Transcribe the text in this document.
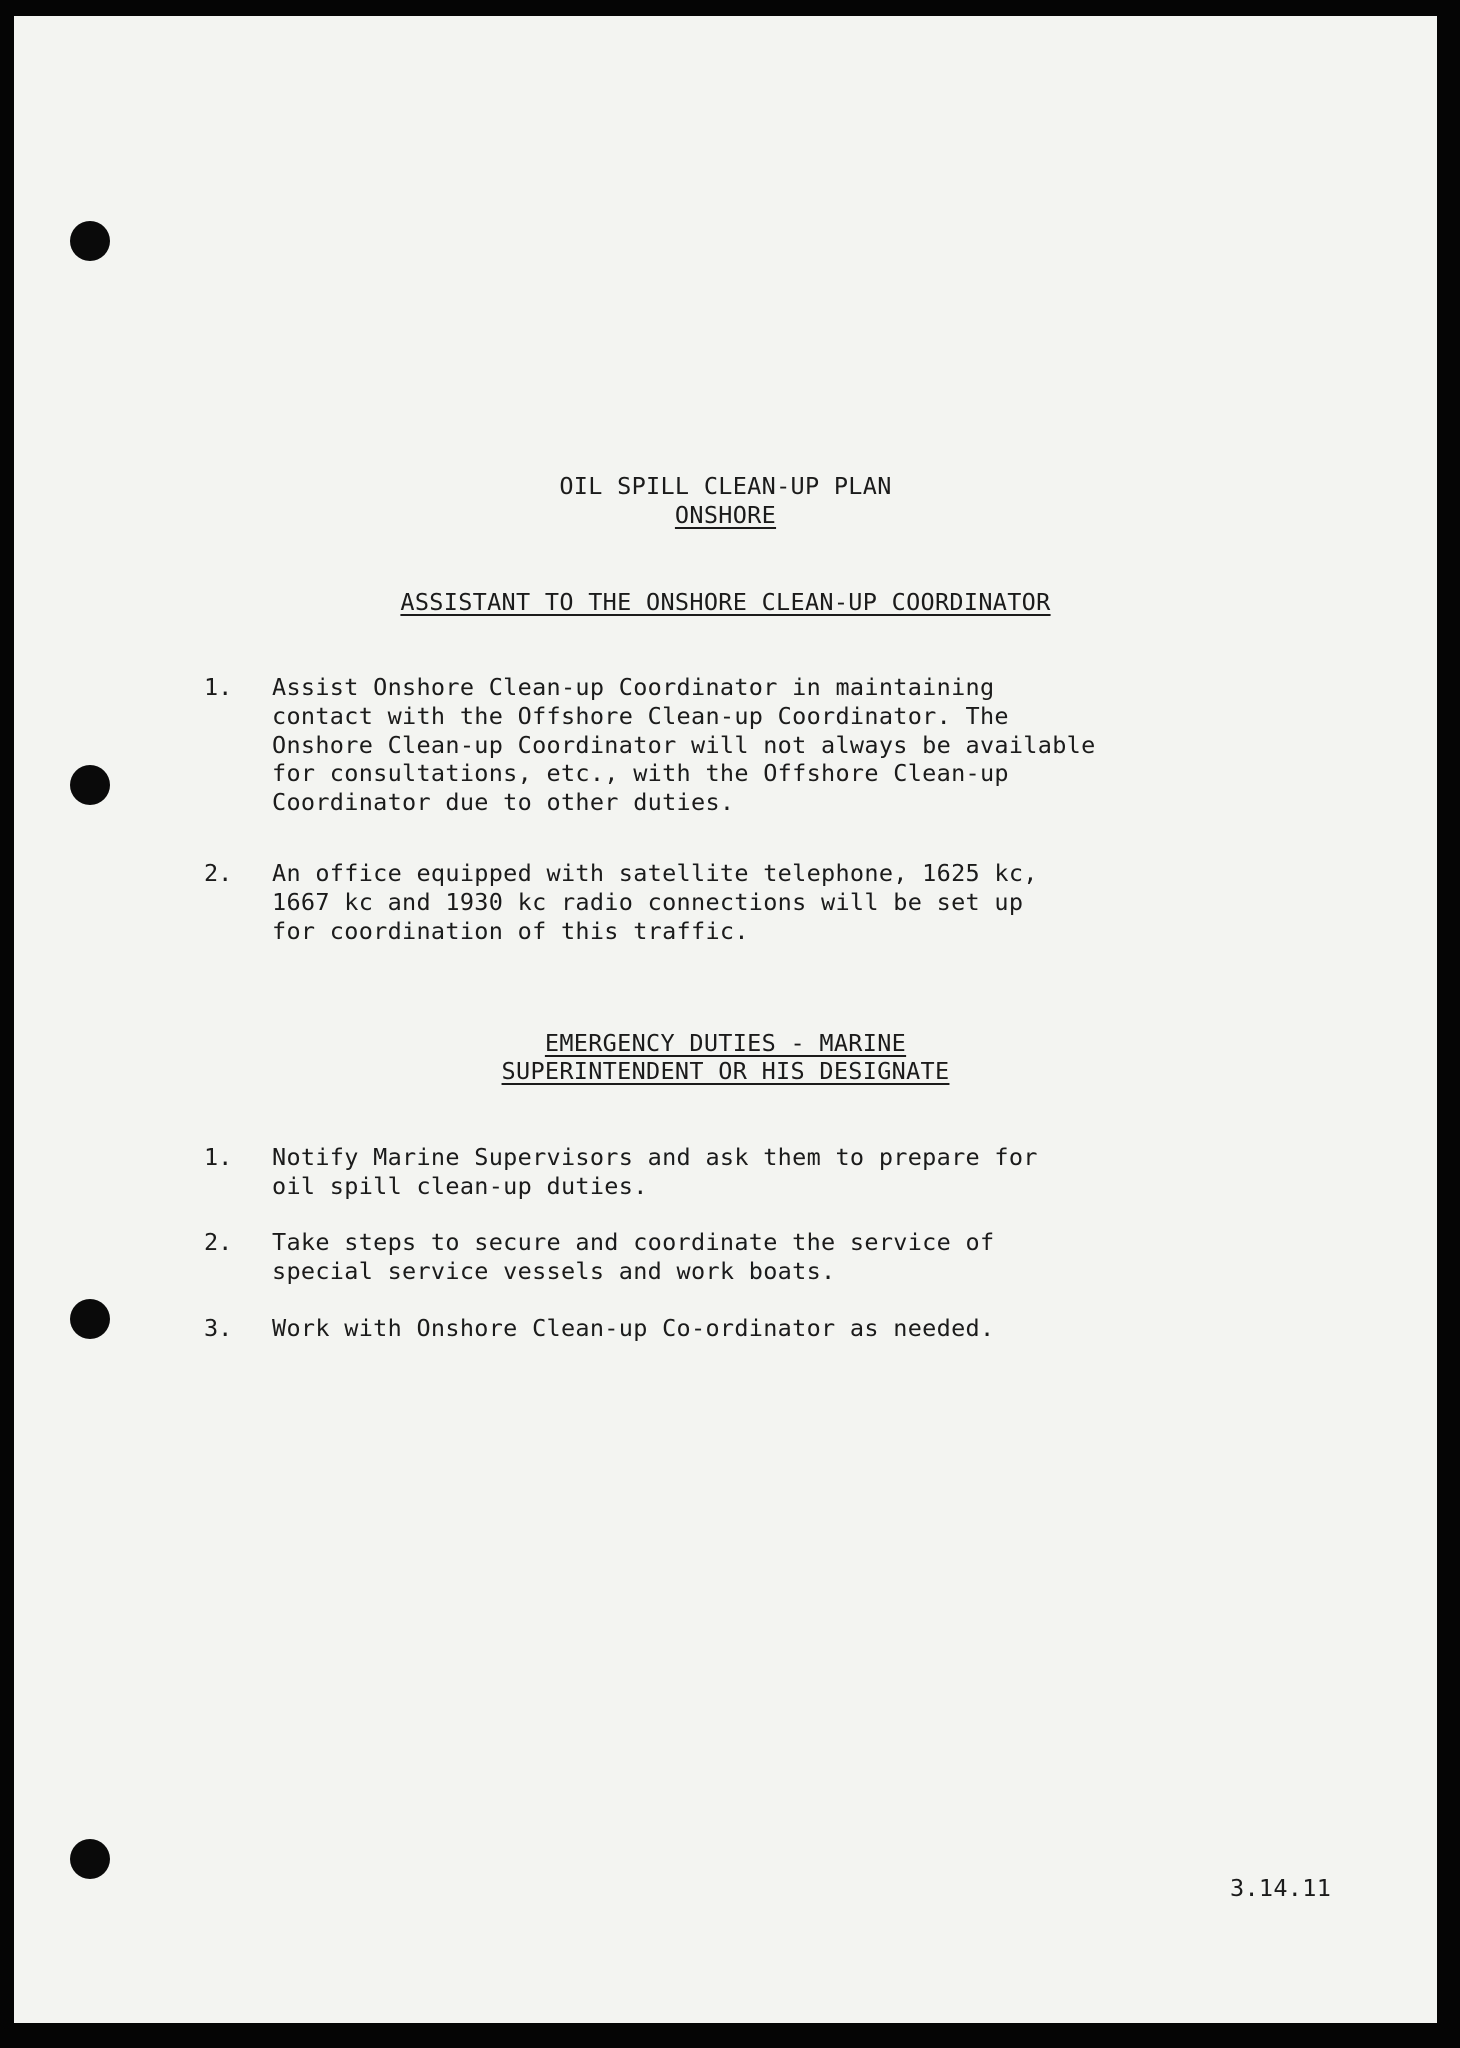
OIL SPILL CLEAN-UP PLAN
ONSHORE
ASSISTANT TO THE ONSHORE CLEAN-UP COORDINATOR
1.	Assist Onshore Clean-up Coordinator in maintaining
contact with the Offshore Clean-up Coordinator. The
Onshore Clean-up Coordinator will not always be available
for consultations, etc., with the Offshore Clean-up
Coordinator due to other duties.
2.	An office equipped with satellite telephone, 1625 kc,
1667 kc and 1930 kc radio connections will be set up
for coordination of this traffic.
EMERGENCY DUTIES - MARINE
SUPERINTENDENT OR HIS DESIGNATE
1.	Notify Marine Supervisors and ask them to prepare for
oil spill clean-up duties.
2.	Take steps to secure and coordinate the service of
special service vessels and work boats.
3.	Work with Onshore Clean-up Co-ordinator as needed.
3.14.11
